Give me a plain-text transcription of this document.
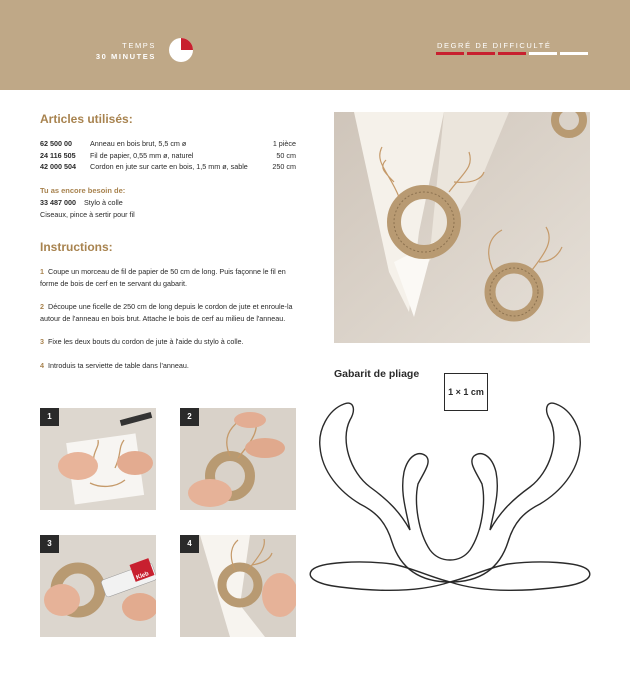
TEMPS
30 MINUTES
DEGRÉ DE DIFFICULTÉ
Articles utilisés:
62 500 00	Anneau en bois brut, 5,5 cm ø	1 pièce
24 116 505	Fil de papier, 0,55 mm ø, naturel	50 cm
42 000 504	Cordon en jute sur carte en bois, 1,5 mm ø, sable	250 cm
Tu as encore besoin de:
33 487 000 Stylo à colle
Ciseaux, pince à sertir pour fil
Instructions:
1 Coupe un morceau de fil de papier de 50 cm de long. Puis façonne le fil en forme de bois de cerf en te servant du gabarit.
2 Découpe une ficelle de 250 cm de long depuis le cordon de jute et enroule-la autour de l'anneau en bois brut. Attache le bois de cerf au milieu de l'anneau.
3 Fixe les deux bouts du cordon de jute à l'aide du stylo à colle.
4 Introduis ta serviette de table dans l'anneau.
Gabarit de pliage
1 × 1 cm
1	2
Kleb
3	4
